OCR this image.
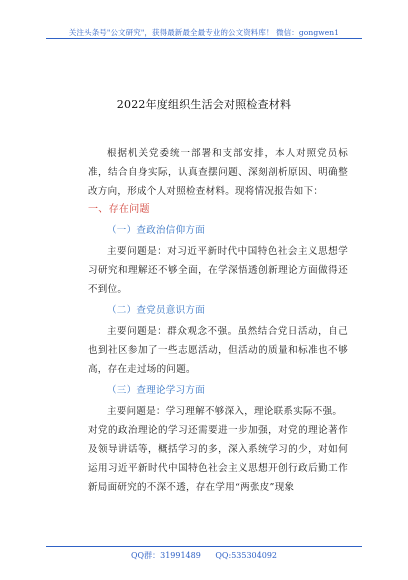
关注头条号"公文研究"，获得最新最全最专业的公文资料库！ 微信：gongwen1
2022年度组织生活会对照检查材料

根据机关党委统一部署和支部安排，本人对照党员标准，结合自身实际，认真查摆问题、深刻剖析原因、明确整改方向，形成个人对照检查材料。现将情况报告如下：

一、存在问题

（一）查政治信仰方面

主要问题是：对习近平新时代中国特色社会主义思想学习研究和理解还不够全面，在学深悟透创新理论方面做得还不到位。

（二）查党员意识方面

主要问题是：群众观念不强。虽然结合党日活动，自己也到社区参加了一些志愿活动，但活动的质量和标准也不够高，存在走过场的问题。

（三）查理论学习方面

主要问题是：学习理解不够深入，理论联系实际不强。

对党的政治理论的学习还需要进一步加强，对党的理论著作及领导讲话等，概括学习的多，深入系统学习的少，对如何运用习近平新时代中国特色社会主义思想开创行政后勤工作新局面研究的不深不透，存在学用“两张皮”现象

QQ群：31991489 QQ:535304092
